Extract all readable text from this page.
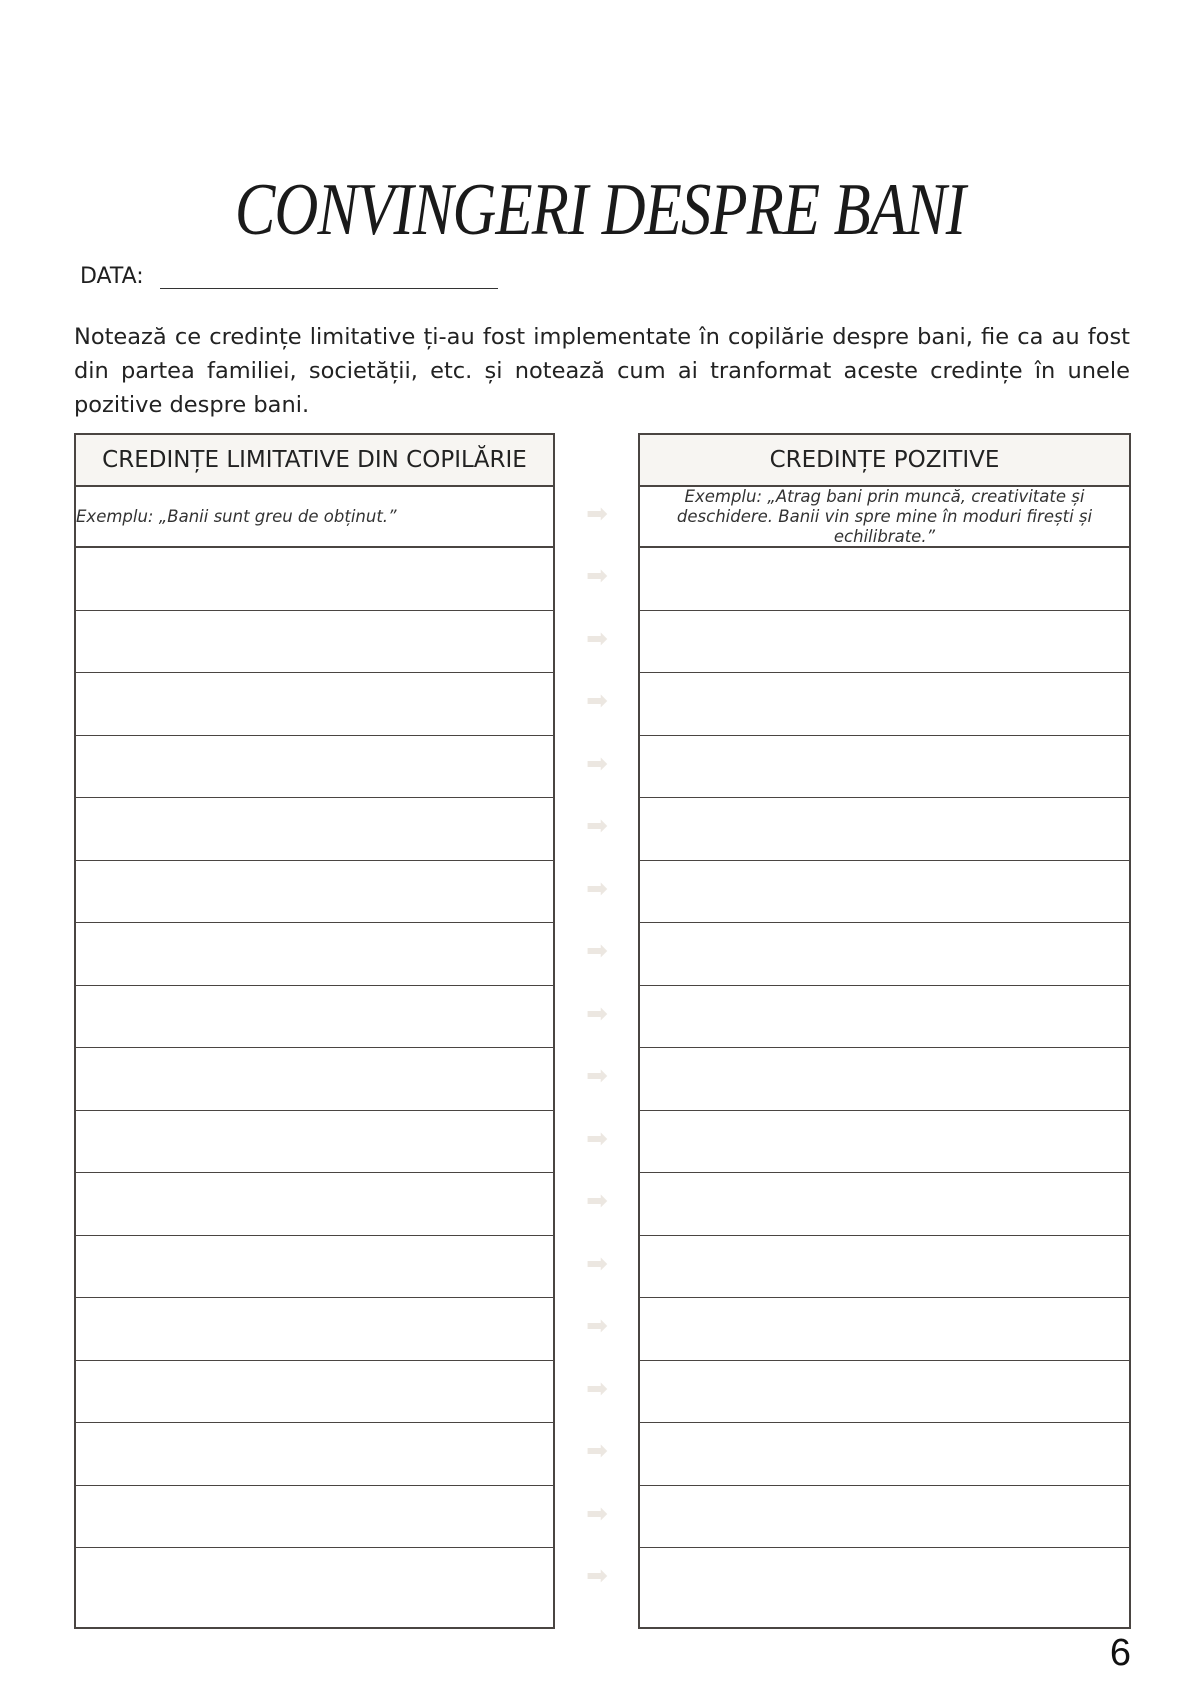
CONVINGERI DESPRE BANI
DATA:

Notează ce credințe limitative ți-au fost implementate în copilărie despre bani, fie ca au fost din partea familiei, societății, etc. și notează cum ai tranformat aceste credințe în unele pozitive despre bani.

CREDINȚE LIMITATIVE DIN COPILĂRIE
Exemplu: „Banii sunt greu de obținut.”
CREDINȚE POZITIVE
Exemplu: „Atrag bani prin muncă, creativitate și deschidere. Banii vin spre mine în moduri firești și echilibrate.”
➡
➡
➡
➡
➡
➡
➡
➡
➡
➡
➡
➡
➡
➡
➡
➡
➡
➡
6
